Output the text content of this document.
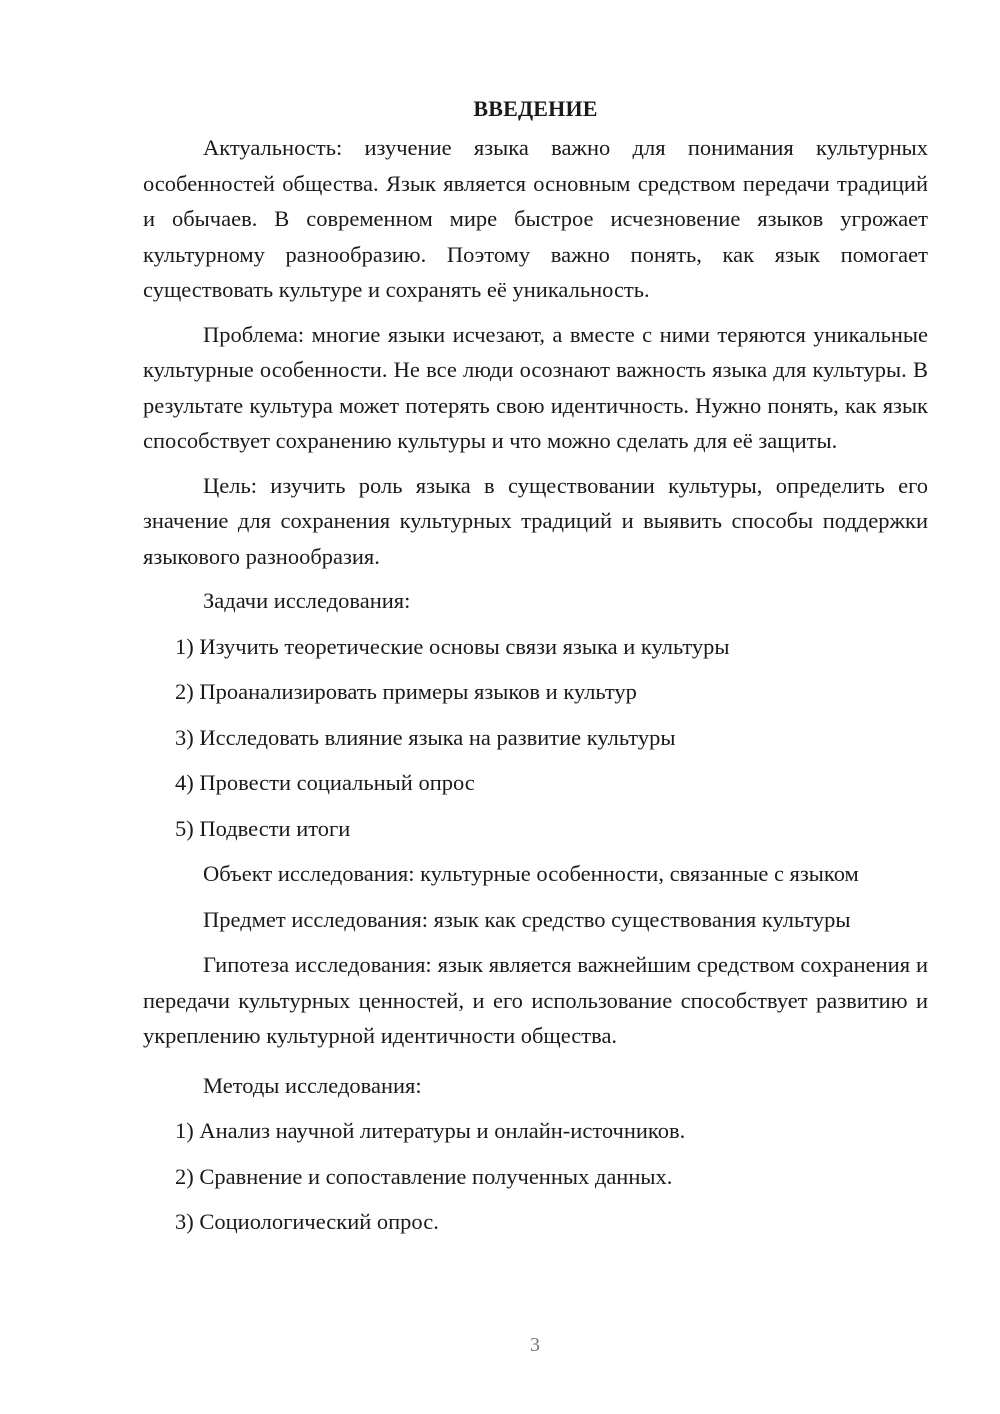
ВВЕДЕНИЕ

Актуальность: изучение языка важно для понимания культурных особенностей общества. Язык является основным средством передачи традиций и обычаев. В современном мире быстрое исчезновение языков угрожает культурному разнообразию. Поэтому важно понять, как язык помогает существовать культуре и сохранять её уникальность.

Проблема: многие языки исчезают, а вместе с ними теряются уникальные культурные особенности. Не все люди осознают важность языка для культуры. В результате культура может потерять свою идентичность. Нужно понять, как язык способствует сохранению культуры и что можно сделать для её защиты.

Цель: изучить роль языка в существовании культуры, определить его значение для сохранения культурных традиций и выявить способы поддержки языкового разнообразия.

Задачи исследования:

1) Изучить теоретические основы связи языка и культуры
2) Проанализировать примеры языков и культур
3) Исследовать влияние языка на развитие культуры
4) Провести социальный опрос
5) Подвести итоги

Объект исследования: культурные особенности, связанные с языком

Предмет исследования: язык как средство существования культуры

Гипотеза исследования: язык является важнейшим средством сохранения и передачи культурных ценностей, и его использование способствует развитию и укреплению культурной идентичности общества.

Методы исследования:

1) Анализ научной литературы и онлайн-источников.
2) Сравнение и сопоставление полученных данных.
3) Социологический опрос.
3
